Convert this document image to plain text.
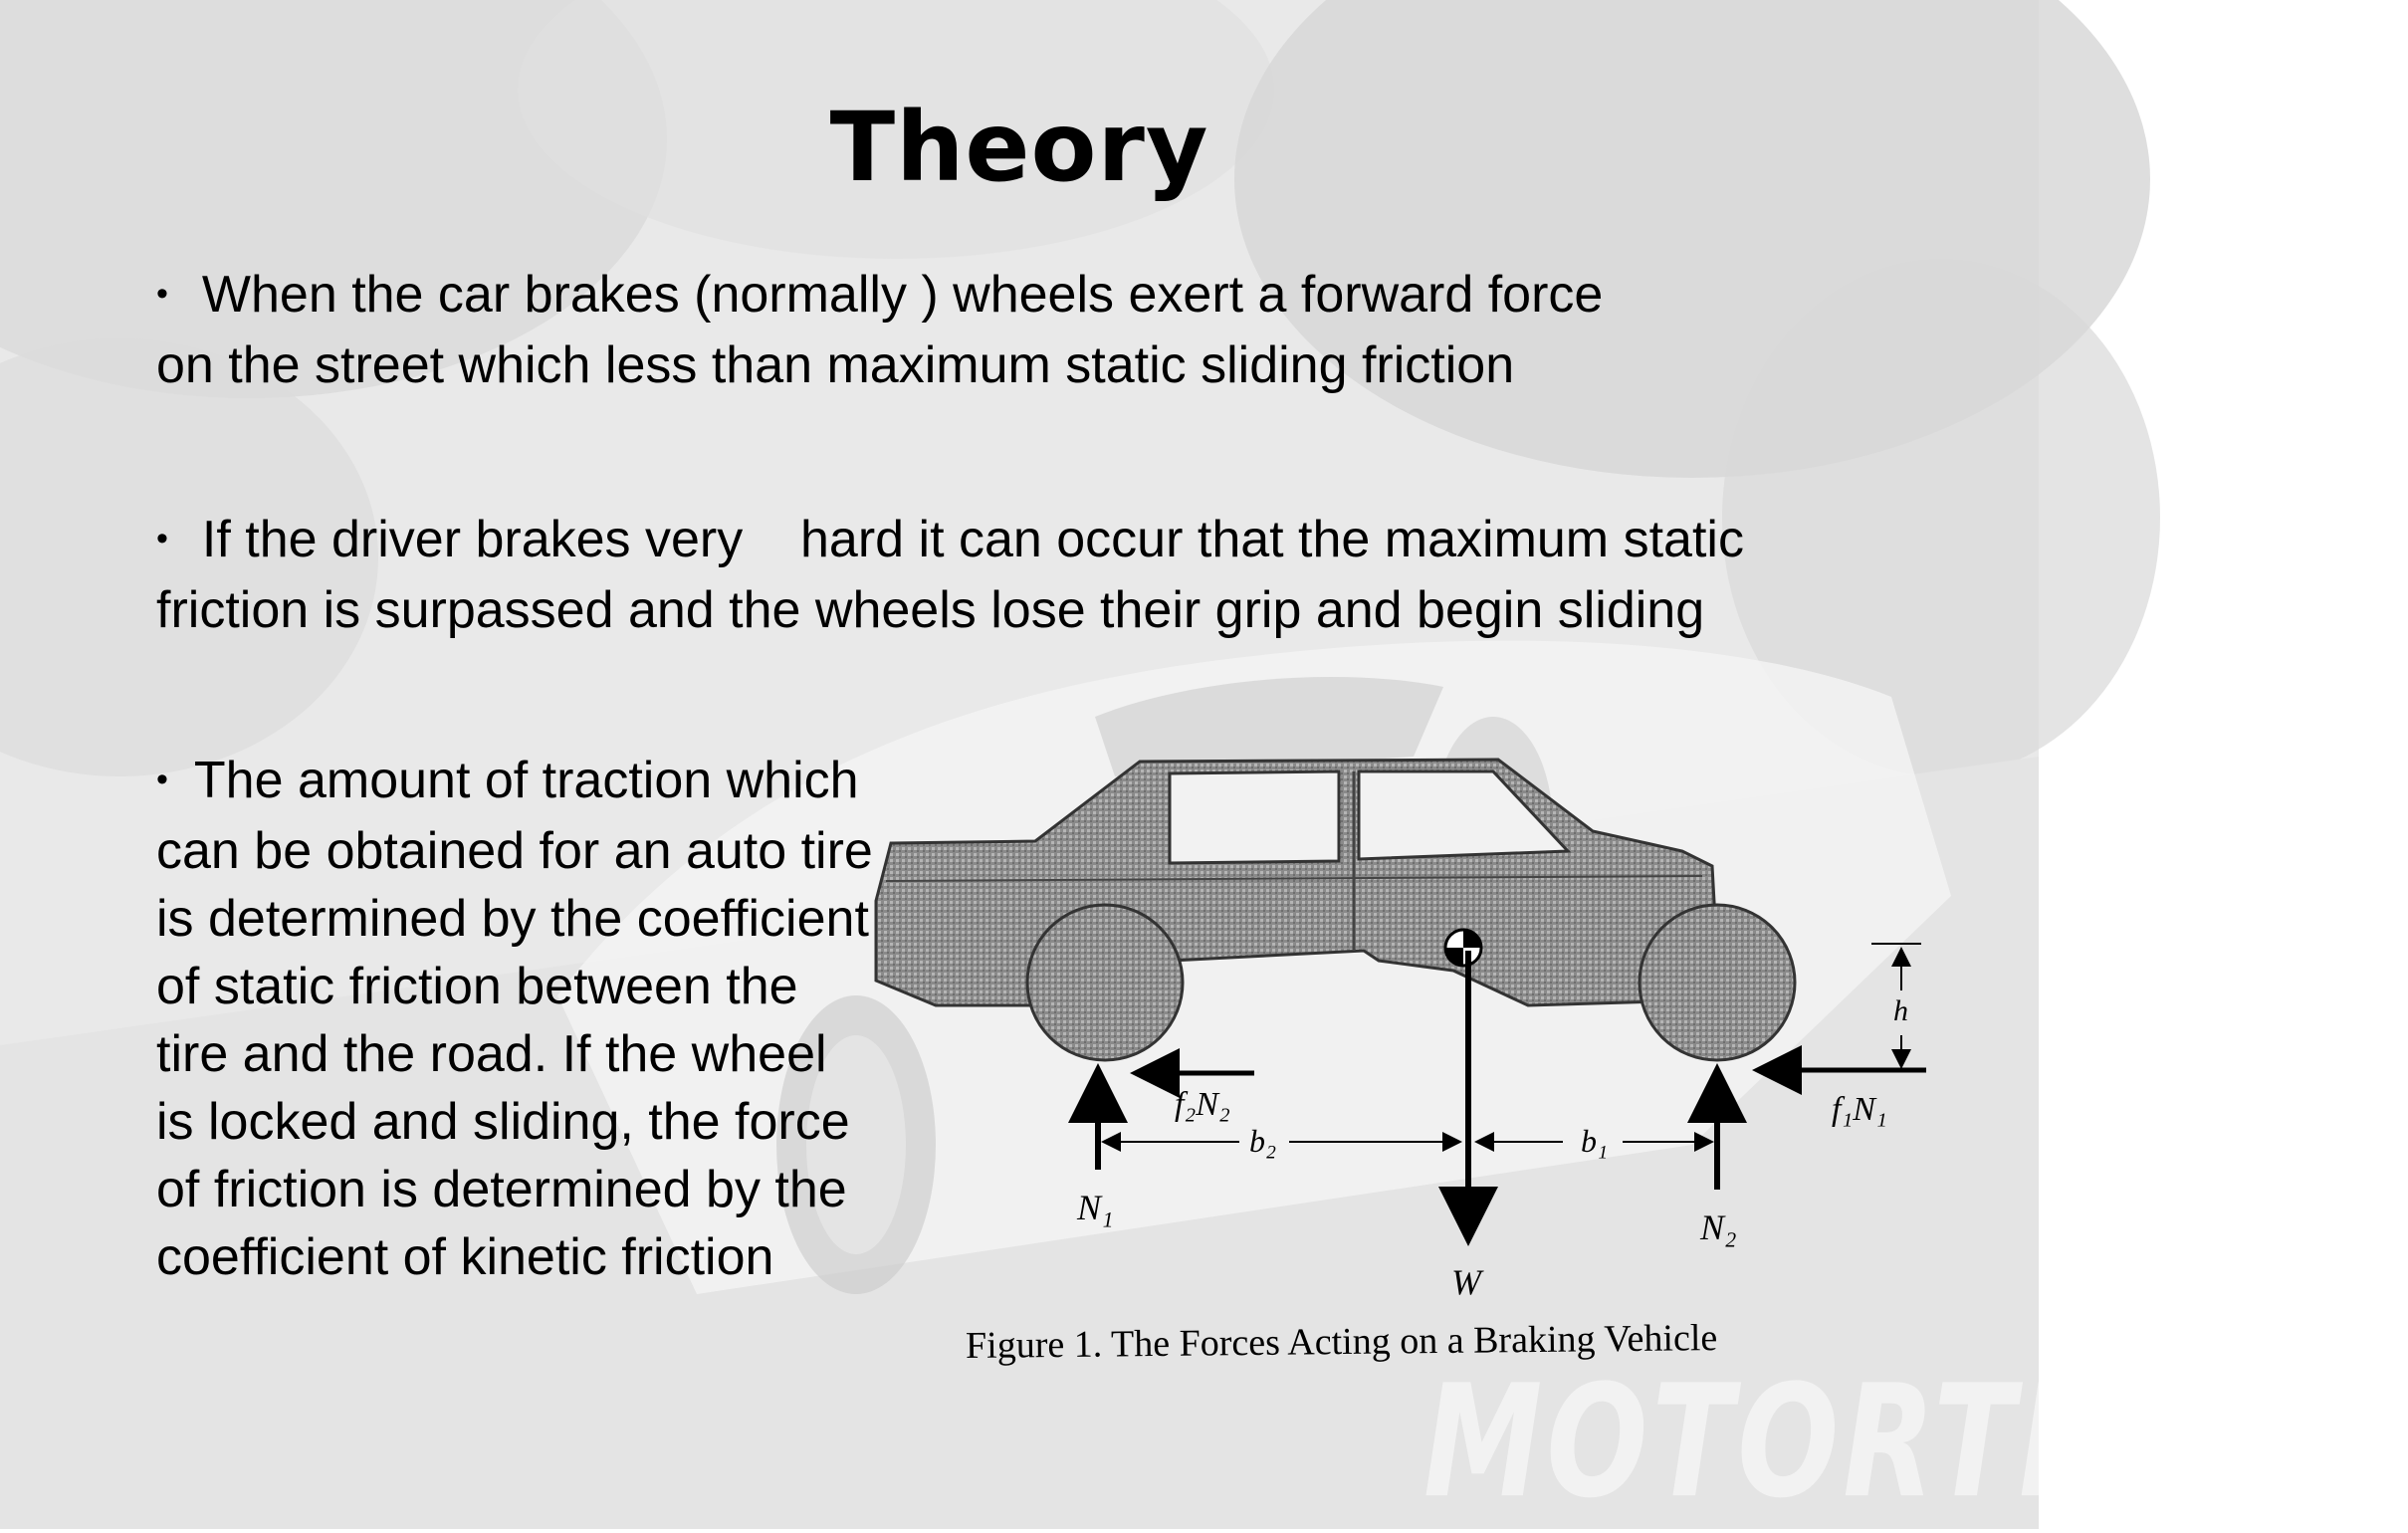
Theory

• When the car brakes (normally ) wheels exert a forward force on the street which less than maximum static sliding friction

• If the driver brakes very    hard it can occur that the maximum static friction is surpassed and the wheels lose their grip and begin sliding

• The amount of traction which can be obtained for an auto tire is determined by the coefficient of static friction between the tire and the road. If the wheel is locked and sliding, the force of friction is determined by the coefficient of kinetic friction	W
N₁	N₂
f₂N₂	f₁N₁
b₂	b₁
h
Figure 1. The Forces Acting on a Braking Vehicle
MOTORTREND
